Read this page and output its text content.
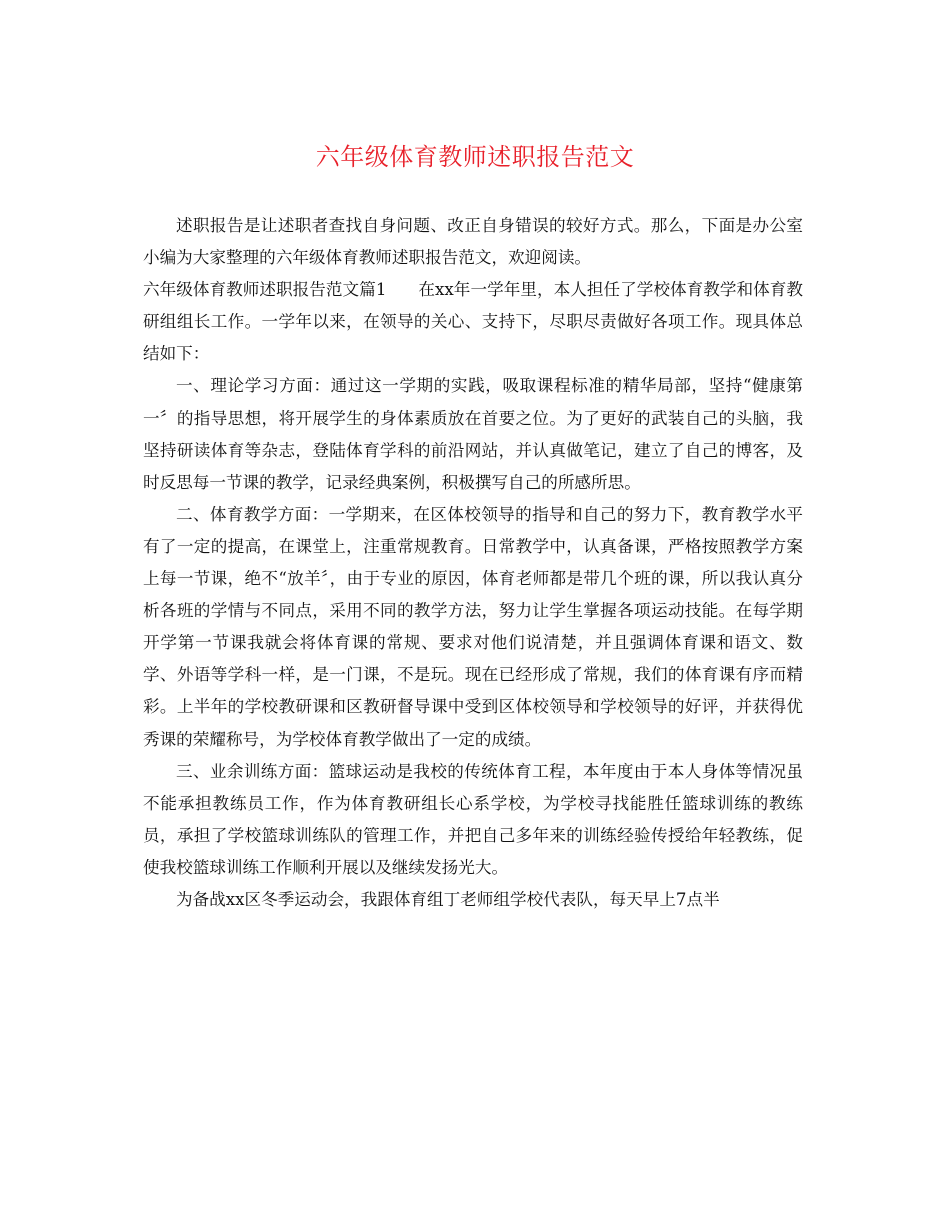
六年级体育教师述职报告范文

述职报告是让述职者查找自身问题、改正自身错误的较好方式。那么，下面是办公室小编为大家整理的六年级体育教师述职报告范文，欢迎阅读。

六年级体育教师述职报告范文篇1 在xx年一学年里，本人担任了学校体育教学和体育教研组组长工作。一学年以来，在领导的关心、支持下，尽职尽责做好各项工作。现具体总结如下：

一、理论学习方面：通过这一学期的实践，吸取课程标准的精华局部，坚持“健康第一〞的指导思想，将开展学生的身体素质放在首要之位。为了更好的武装自己的头脑，我坚持研读体育等杂志，登陆体育学科的前沿网站，并认真做笔记，建立了自己的博客，及时反思每一节课的教学，记录经典案例，积极撰写自己的所感所思。

二、体育教学方面：一学期来，在区体校领导的指导和自己的努力下，教育教学水平有了一定的提高，在课堂上，注重常规教育。日常教学中，认真备课，严格按照教学方案上每一节课，绝不“放羊〞，由于专业的原因，体育老师都是带几个班的课，所以我认真分析各班的学情与不同点，采用不同的教学方法，努力让学生掌握各项运动技能。在每学期开学第一节课我就会将体育课的常规、要求对他们说清楚，并且强调体育课和语文、数学、外语等学科一样，是一门课，不是玩。现在已经形成了常规，我们的体育课有序而精彩。上半年的学校教研课和区教研督导课中受到区体校领导和学校领导的好评，并获得优秀课的荣耀称号，为学校体育教学做出了一定的成绩。

三、业余训练方面：篮球运动是我校的传统体育工程，本年度由于本人身体等情况虽不能承担教练员工作，作为体育教研组长心系学校，为学校寻找能胜任篮球训练的教练员，承担了学校篮球训练队的管理工作，并把自己多年来的训练经验传授给年轻教练，促使我校篮球训练工作顺利开展以及继续发扬光大。

为备战xx区冬季运动会，我跟体育组丁老师组学校代表队，每天早上7点半
